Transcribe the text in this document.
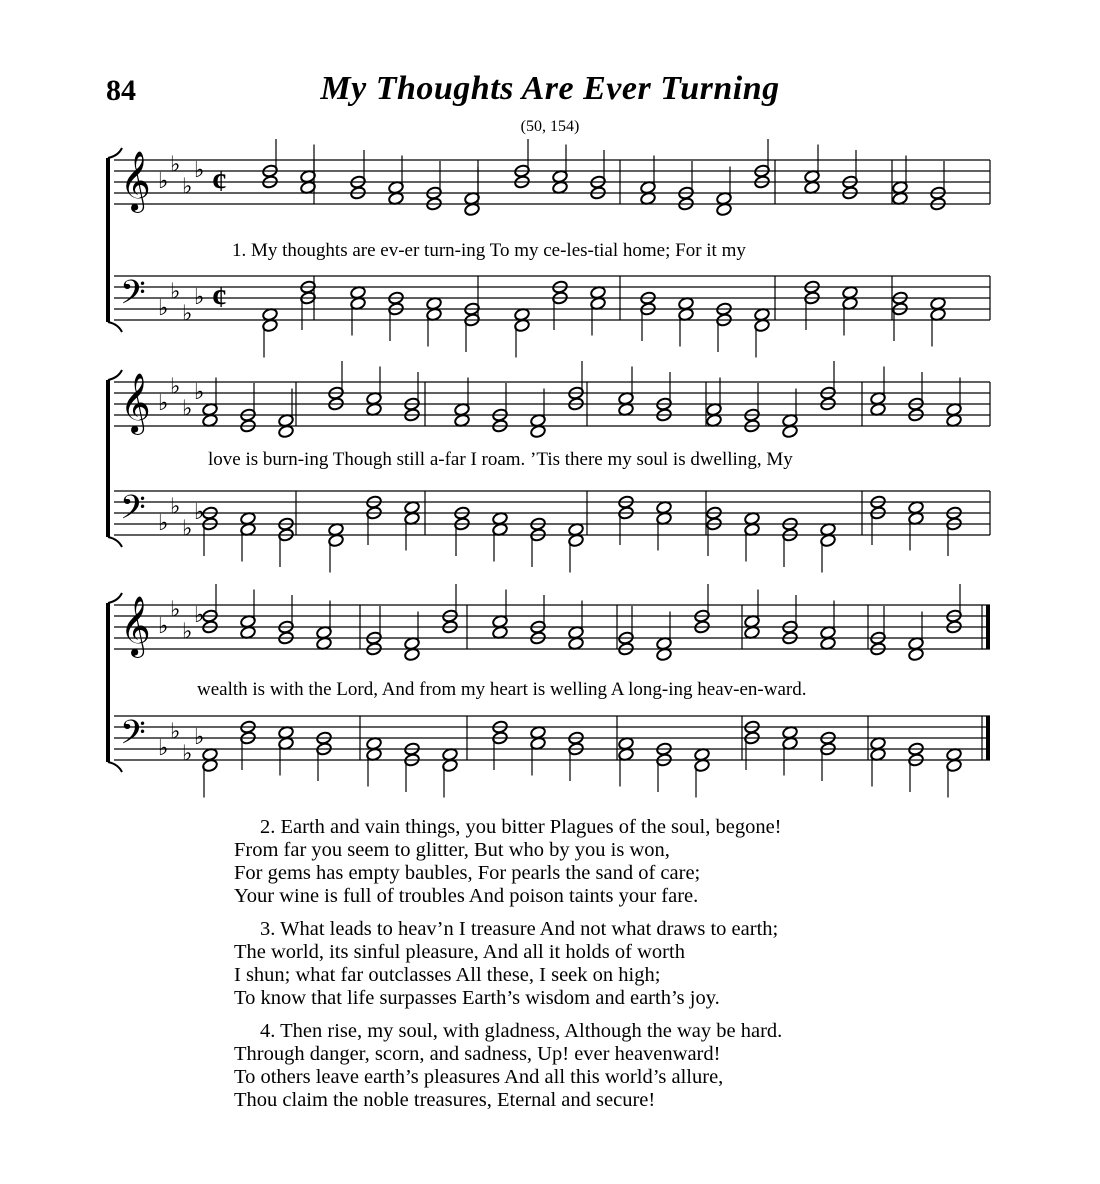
84	My Thoughts Are Ever Turning
(50, 154)
𝄞 ♭
♭
♭
♭ ¢
𝄢 ♭
♭
♭
♭ ¢
𝄞 ♭
♭
♭
♭
𝄢 ♭
♭
♭
♭
𝄞 ♭
♭
♭
♭
𝄢 ♭
♭
♭
♭
1. My thoughts are ev-er turn-ing To my ce-les-tial home; For it my
love is burn-ing Though still a-far I roam. ’Tis there my soul is dwelling, My
wealth is with the Lord, And from my heart is welling A long-ing heav-en-ward.
2. Earth and vain things, you bitter Plagues of the soul, begone!
From far you seem to glitter, But who by you is won,
For gems has empty baubles, For pearls the sand of care;
Your wine is full of troubles And poison taints your fare.
3. What leads to heav’n I treasure And not what draws to earth;
The world, its sinful pleasure, And all it holds of worth
I shun; what far outclasses All these, I seek on high;
To know that life surpasses Earth’s wisdom and earth’s joy.
4. Then rise, my soul, with gladness, Although the way be hard.
Through danger, scorn, and sadness, Up! ever heavenward!
To others leave earth’s pleasures And all this world’s allure,
Thou claim the noble treasures, Eternal and secure!
